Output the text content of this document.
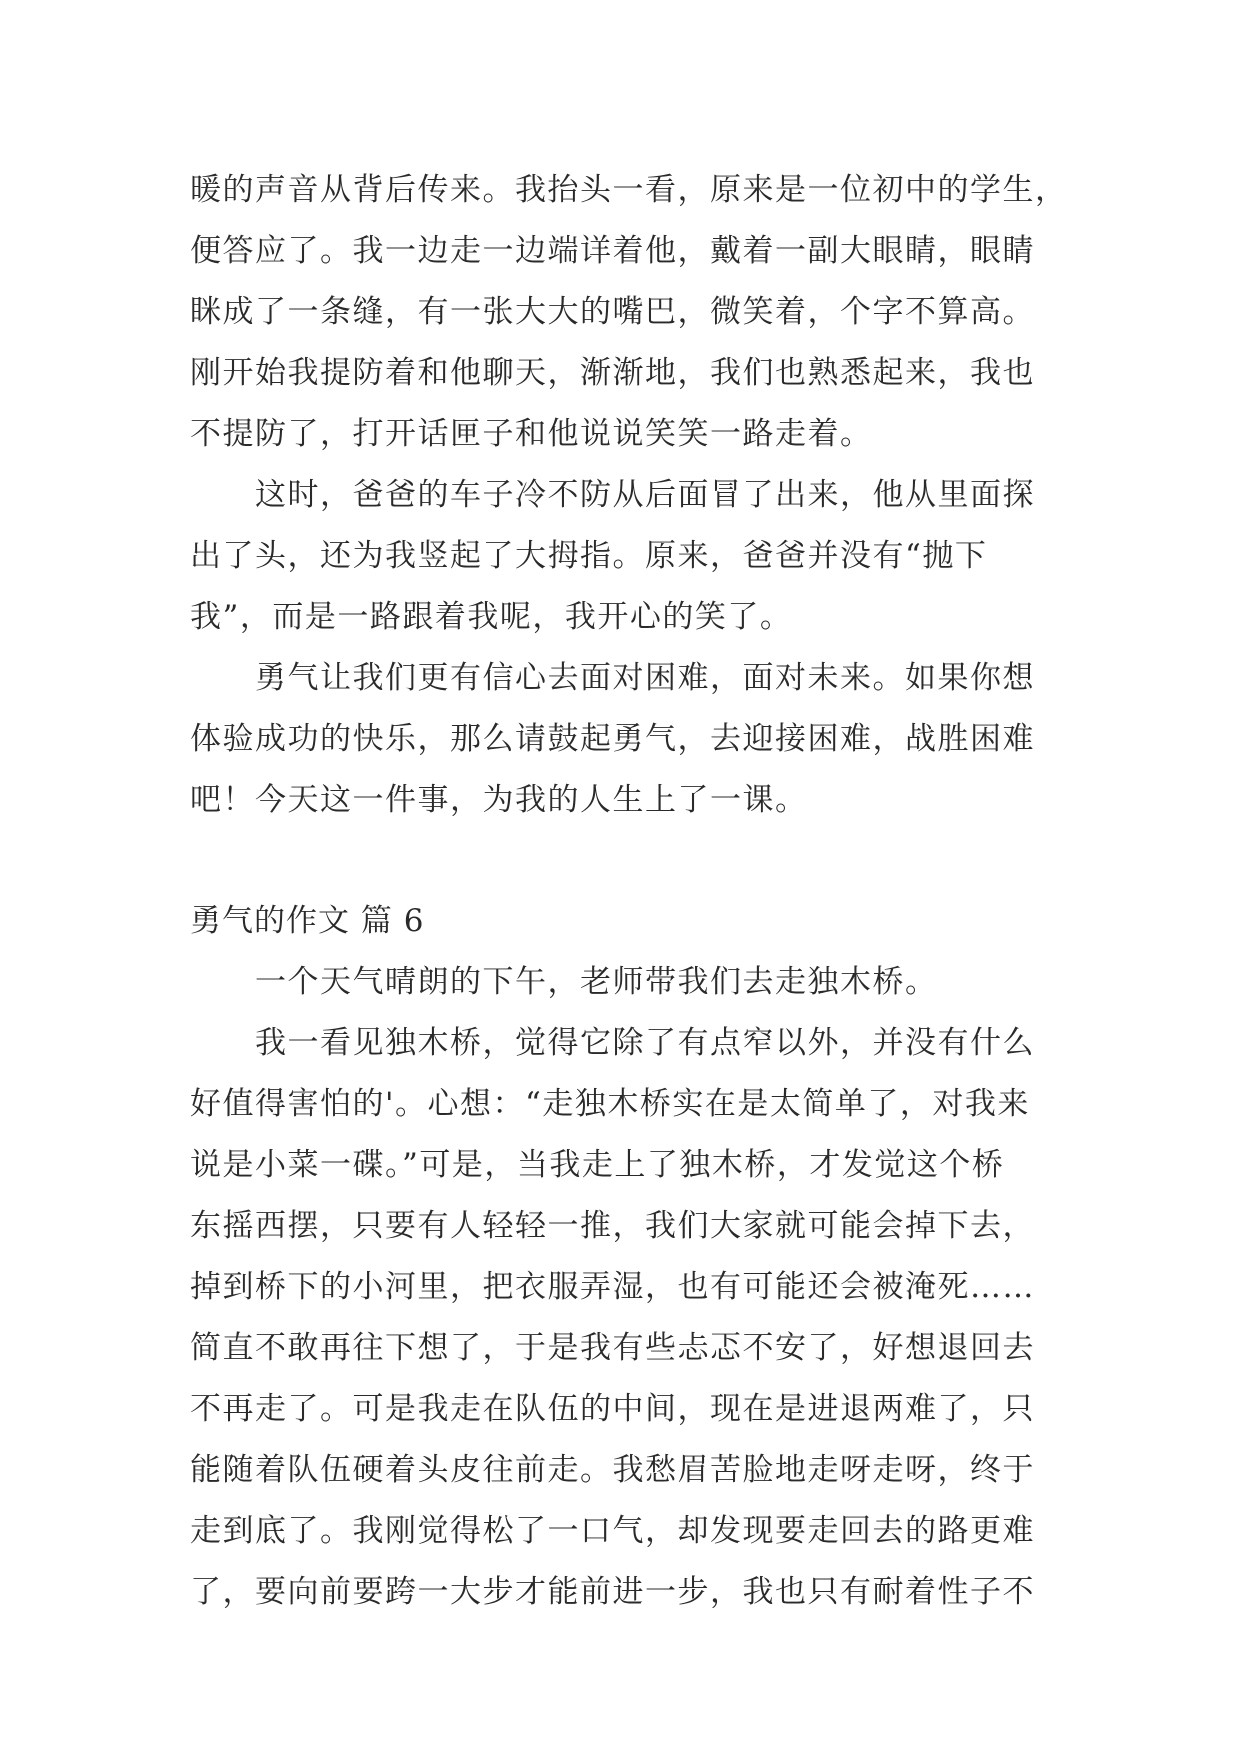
暖的声音从背后传来。我抬头一看，原来是一位初中的学生，
便答应了。我一边走一边端详着他，戴着一副大眼睛，眼睛
眯成了一条缝，有一张大大的嘴巴，微笑着，个字不算高。
刚开始我提防着和他聊天，渐渐地，我们也熟悉起来，我也
不提防了，打开话匣子和他说说笑笑一路走着。
　　这时，爸爸的车子冷不防从后面冒了出来，他从里面探
出了头，还为我竖起了大拇指。原来，爸爸并没有“抛下
我”，而是一路跟着我呢，我开心的笑了。
　　勇气让我们更有信心去面对困难，面对未来。如果你想
体验成功的快乐，那么请鼓起勇气，去迎接困难，战胜困难
吧！今天这一件事，为我的人生上了一课。
勇气的作文 篇 6
　　一个天气晴朗的下午，老师带我们去走独木桥。
　　我一看见独木桥，觉得它除了有点窄以外，并没有什么
好值得害怕的'。心想：“走独木桥实在是太简单了，对我来
说是小菜一碟。”可是，当我走上了独木桥，才发觉这个桥
东摇西摆，只要有人轻轻一推，我们大家就可能会掉下去，
掉到桥下的小河里，把衣服弄湿，也有可能还会被淹死……
简直不敢再往下想了，于是我有些忐忑不安了，好想退回去
不再走了。可是我走在队伍的中间，现在是进退两难了，只
能随着队伍硬着头皮往前走。我愁眉苦脸地走呀走呀，终于
走到底了。我刚觉得松了一口气，却发现要走回去的路更难
了，要向前要跨一大步才能前进一步，我也只有耐着性子不
